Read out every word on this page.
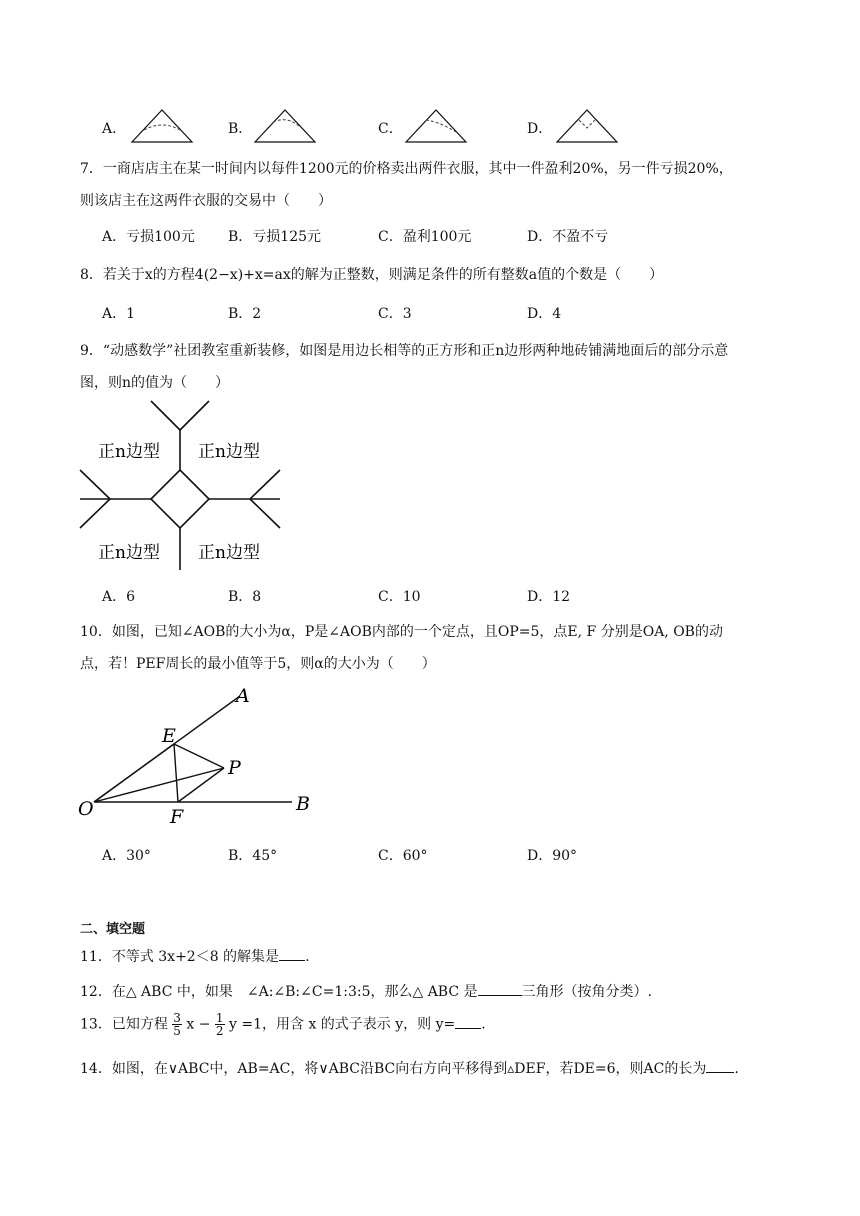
A．	B．	C．	D．
7．一商店店主在某一时间内以每件1200元的价格卖出两件衣服，其中一件盈利20%，另一件亏损20%，
则该店主在这两件衣服的交易中（　　）
A．亏损100元 B．亏损125元	C．盈利100元	D．不盈不亏
8．若关于x的方程4(2−x)+x=ax的解为正整数，则满足条件的所有整数a值的个数是（　　）
A．1	B．2	C．3	D．4
9．“动感数学”社团教室重新装修，如图是用边长相等的正方形和正n边形两种地砖铺满地面后的部分示意
图，则n的值为（　　）
正n边型 正n边型
正n边型 正n边型
A．6	B．8	C．10	D．12
10．如图，已知∠AOB的大小为α，P是∠AOB内部的一个定点，且OP=5，点E, F 分别是OA, OB的动
点，若！PEF周长的最小值等于5，则α的大小为（　　）
A
E
P
O	F
B
A．30°	B．45°	C．60°	D．90°
二、填空题
11．不等式 3x+2＜8 的解集是 .
12．在△ ABC 中，如果　∠A:∠B:∠C=1:3:5，那么△ ABC 是	三角形（按角分类）.
13．已知方程 $\frac{3}{5}$ $x - \frac{1}{2}$ y =1，用含 x 的式子表示 y，则 y= .
14．如图，在∨ABC中，AB=AC，将∨ABC沿BC向右方向平移得到▵DEF，若DE=6，则AC的长为 .
